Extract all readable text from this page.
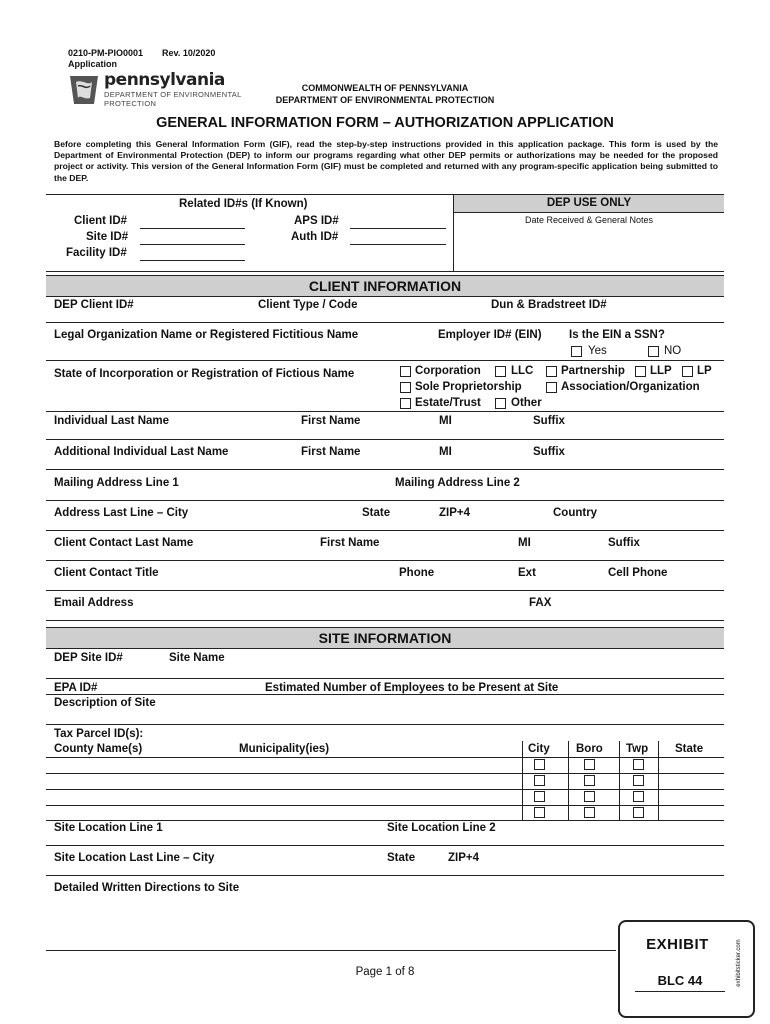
0210-PM-PIO0001 Rev. 10/2020
Application
pennsylvania
DEPARTMENT OF ENVIRONMENTAL
PROTECTION
COMMONWEALTH OF PENNSYLVANIA
DEPARTMENT OF ENVIRONMENTAL PROTECTION
GENERAL INFORMATION FORM – AUTHORIZATION APPLICATION
Before completing this General Information Form (GIF), read the step-by-step instructions provided in this application package. This form is used by the Department of Environmental Protection (DEP) to inform our programs regarding what other DEP permits or authorizations may be needed for the proposed project or activity. This version of the General Information Form (GIF) must be completed and returned with any program-specific application being submitted to the DEP.
DEP USE ONLY
Date Received & General Notes
Related ID#s (If Known)
Client ID#
Site ID#
Facility ID#
APS ID#
Auth ID#
CLIENT INFORMATION
DEP Client ID#	Client Type / Code	Dun & Bradstreet ID#
Legal Organization Name or Registered Fictitious Name	Employer ID# (EIN) Is the EIN a SSN?
Yes	NO
State of Incorporation or Registration of Fictious Name	Corporation	LLC Partnership LLP LP
Sole Proprietorship	Association/Organization
Estate/Trust	Other
Individual Last Name	First Name	MI	Suffix
Additional Individual Last Name	First Name	MI	Suffix
Mailing Address Line 1	Mailing Address Line 2
Address Last Line – City	State	ZIP+4	Country
Client Contact Last Name	First Name	MI	Suffix
Client Contact Title	Phone	Ext	Cell Phone
Email Address	FAX
SITE INFORMATION
DEP Site ID#	Site Name
EPA ID#	Estimated Number of Employees to be Present at Site
Description of Site
Tax Parcel ID(s):
County Name(s)	Municipality(ies)	City Boro Twp State
Site Location Line 1	Site Location Line 2
Site Location Last Line – City	State	ZIP+4
Detailed Written Directions to Site
Page 1 of 8
EXHIBIT
BLC 44	exhibitsticker.com
